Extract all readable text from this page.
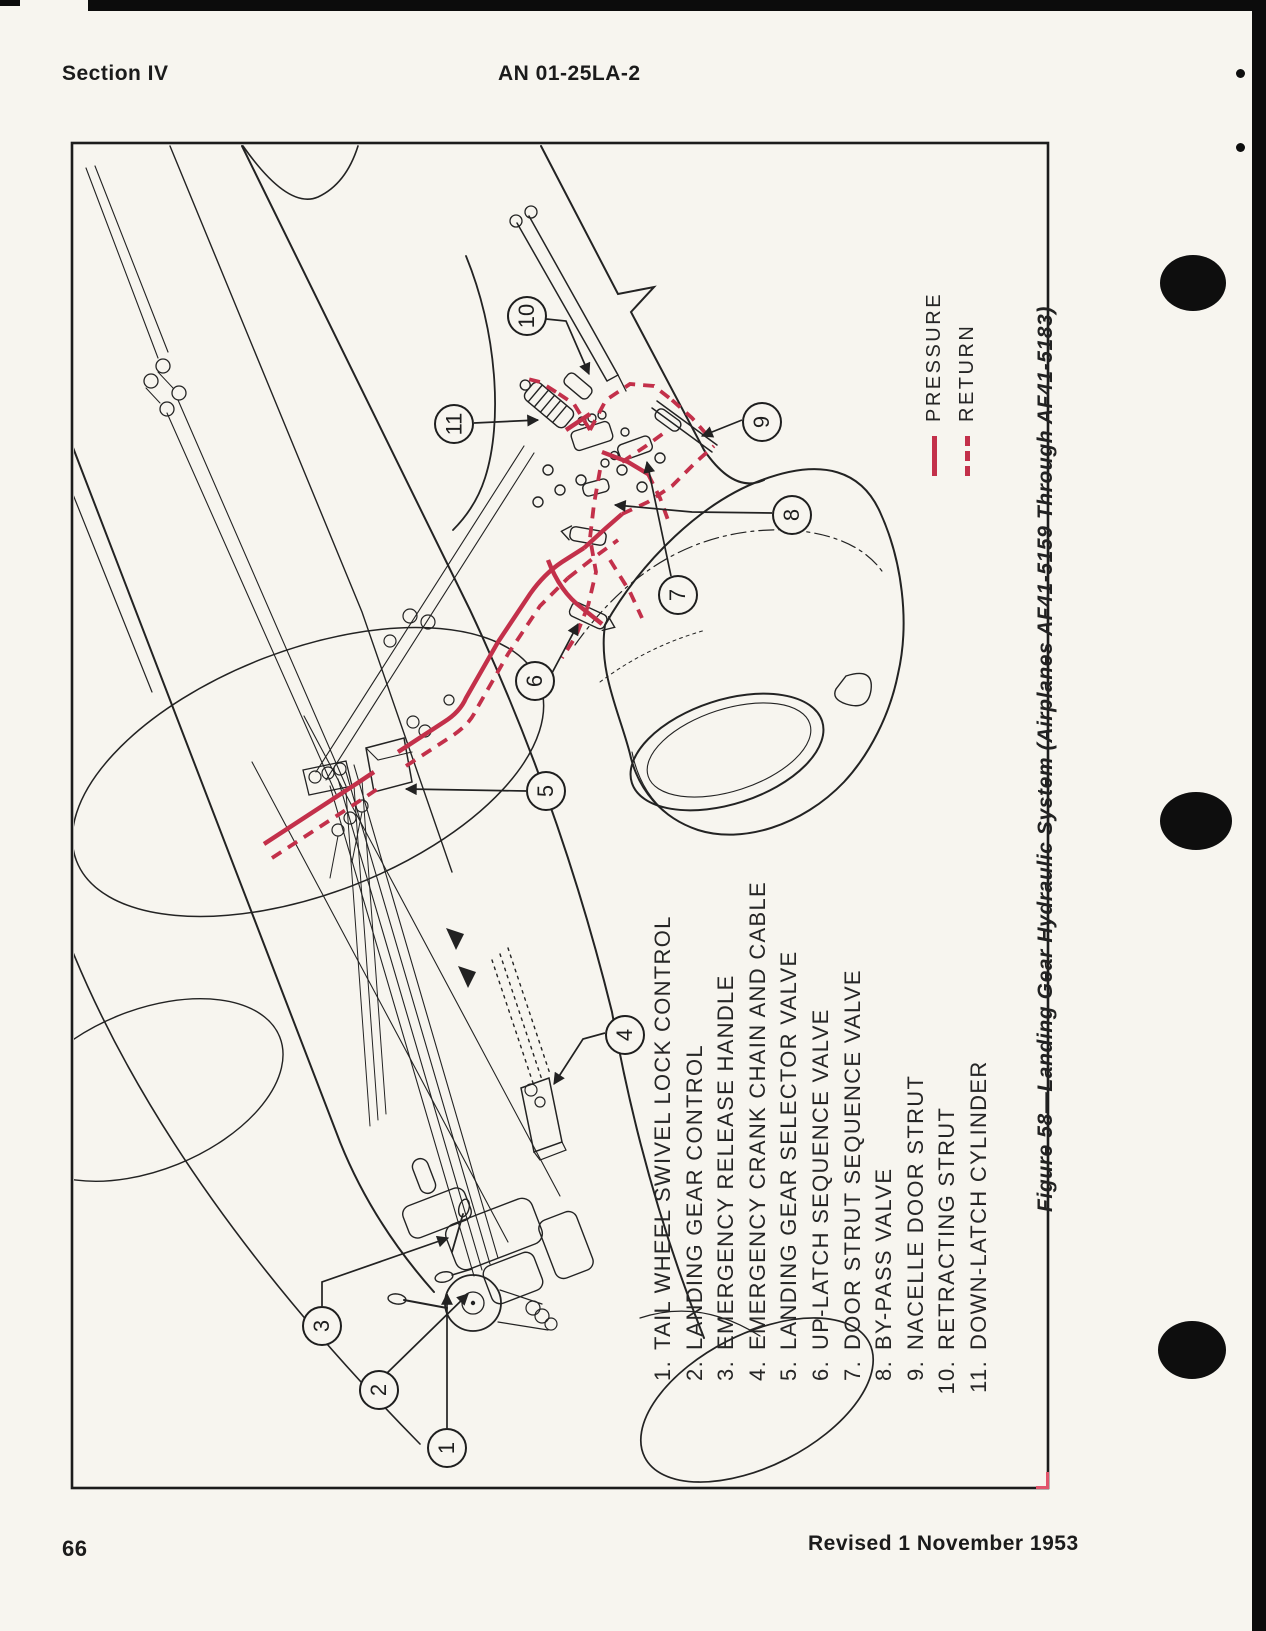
Section IV	AN 01-25LA-2
1
2
3
4
5
6
7
8
9
10
11
1.
TAIL WHEEL SWIVEL LOCK CONTROL
2.
LANDING GEAR CONTROL
3.
EMERGENCY RELEASE HANDLE
4.
EMERGENCY CRANK CHAIN AND CABLE
5.
LANDING GEAR SELECTOR VALVE
6.
UP-LATCH SEQUENCE VALVE
7.
DOOR STRUT SEQUENCE VALVE
8.
BY-PASS VALVE
9.
NACELLE DOOR STRUT
10.
RETRACTING STRUT
11.
DOWN-LATCH CYLINDER
PRESSURE RETURN	Figure 58—Landing Gear Hydraulic System (Airplanes AF41-5159 Through AF41-5183)
66	Revised 1 November 1953
